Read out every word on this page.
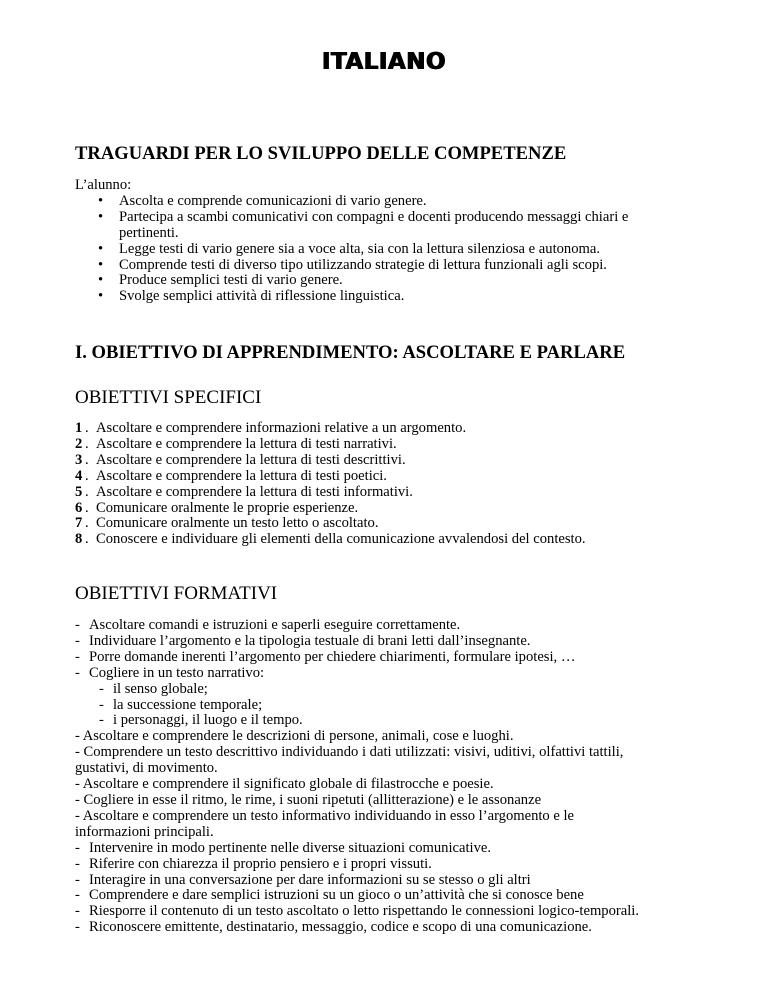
ITALIANO
TRAGUARDI PER LO SVILUPPO DELLE COMPETENZE
L’alunno:
• Ascolta e comprende comunicazioni di vario genere.
• Partecipa a scambi comunicativi con compagni e docenti producendo messaggi chiari e
pertinenti.
• Legge testi di vario genere sia a voce alta, sia con la lettura silenziosa e autonoma.
• Comprende testi di diverso tipo utilizzando strategie di lettura funzionali agli scopi.
• Produce semplici testi di vario genere.
• Svolge semplici attività di riflessione linguistica.
I. OBIETTIVO DI APPRENDIMENTO: ASCOLTARE E PARLARE
OBIETTIVI SPECIFICI
1 . Ascoltare e comprendere informazioni relative a un argomento.
2 . Ascoltare e comprendere la lettura di testi narrativi.
3 . Ascoltare e comprendere la lettura di testi descrittivi.
4 . Ascoltare e comprendere la lettura di testi poetici.
5 . Ascoltare e comprendere la lettura di testi informativi.
6 . Comunicare oralmente le proprie esperienze.
7 . Comunicare oralmente un testo letto o ascoltato.
8 . Conoscere e individuare gli elementi della comunicazione avvalendosi del contesto.
OBIETTIVI FORMATIVI
- Ascoltare comandi e istruzioni e saperli eseguire correttamente.
- Individuare l’argomento e la tipologia testuale di brani letti dall’insegnante.
- Porre domande inerenti l’argomento per chiedere chiarimenti, formulare ipotesi, …
- Cogliere in un testo narrativo:
- il senso globale;
- la successione temporale;
- i personaggi, il luogo e il tempo.
- Ascoltare e comprendere le descrizioni di persone, animali, cose e luoghi.
- Comprendere un testo descrittivo individuando i dati utilizzati: visivi, uditivi, olfattivi tattili,
gustativi, di movimento.
- Ascoltare e comprendere il significato globale di filastrocche e poesie.
- Cogliere in esse il ritmo, le rime, i suoni ripetuti (allitterazione) e le assonanze
- Ascoltare e comprendere un testo informativo individuando in esso l’argomento e le
informazioni principali.
- Intervenire in modo pertinente nelle diverse situazioni comunicative.
- Riferire con chiarezza il proprio pensiero e i propri vissuti.
- Interagire in una conversazione per dare informazioni su se stesso o gli altri
- Comprendere e dare semplici istruzioni su un gioco o un’attività che si conosce bene
- Riesporre il contenuto di un testo ascoltato o letto rispettando le connessioni logico-temporali.
- Riconoscere emittente, destinatario, messaggio, codice e scopo di una comunicazione.
